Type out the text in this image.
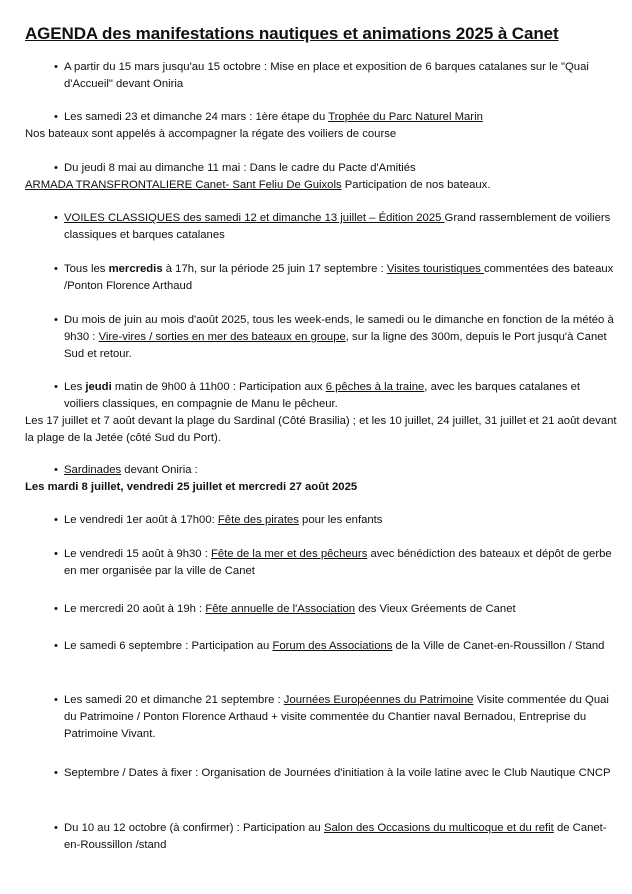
AGENDA des manifestations nautiques et animations 2025 à Canet
• A partir du 15 mars jusqu'au 15 octobre : Mise en place et exposition de 6 barques catalanes sur le "Quai d'Accueil" devant Oniria
• Les samedi 23 et dimanche 24 mars : 1ère étape du Trophée du Parc Naturel Marin
Nos bateaux sont appelés à accompagner la régate des voiliers de course
• Du jeudi 8 mai au dimanche 11 mai : Dans le cadre du Pacte d'Amitiés
ARMADA TRANSFRONTALIERE Canet- Sant Feliu De Guixols Participation de nos bateaux.
• VOILES CLASSIQUES des samedi 12 et dimanche 13 juillet – Édition 2025 Grand rassemblement de voiliers classiques et barques catalanes
• Tous les mercredis à 17h, sur la période 25 juin 17 septembre : Visites touristiques commentées des bateaux /Ponton Florence Arthaud
• Du mois de juin au mois d'août 2025, tous les week-ends, le samedi ou le dimanche en fonction de la météo à 9h30 : Vire-vires / sorties en mer des bateaux en groupe, sur la ligne des 300m, depuis le Port jusqu'à Canet Sud et retour.
• Les jeudi matin de 9h00 à 11h00 : Participation aux 6 pêches à la traine, avec les barques catalanes et voiliers classiques, en compagnie de Manu le pêcheur.
Les 17 juillet et 7 août devant la plage du Sardinal (Côté Brasilia) ; et les 10 juillet, 24 juillet, 31 juillet et 21 août devant la plage de la Jetée (côté Sud du Port).
• Sardinades devant Oniria :
Les mardi 8 juillet, vendredi 25 juillet et mercredi 27 août 2025
• Le vendredi 1er août à 17h00: Fête des pirates pour les enfants
• Le vendredi 15 août à 9h30 : Fête de la mer et des pêcheurs avec bénédiction des bateaux et dépôt de gerbe en mer organisée par la ville de Canet
• Le mercredi 20 août à 19h : Fête annuelle de l'Association des Vieux Gréements de Canet
• Le samedi 6 septembre : Participation au Forum des Associations de la Ville de Canet-en-Roussillon / Stand
• Les samedi 20 et dimanche 21 septembre : Journées Européennes du Patrimoine Visite commentée du Quai du Patrimoine / Ponton Florence Arthaud + visite commentée du Chantier naval Bernadou, Entreprise du Patrimoine Vivant.
• Septembre / Dates à fixer : Organisation de Journées d'initiation à la voile latine avec le Club Nautique CNCP
• Du 10 au 12 octobre (à confirmer) : Participation au Salon des Occasions du multicoque et du refit de Canet-en-Roussillon /stand
